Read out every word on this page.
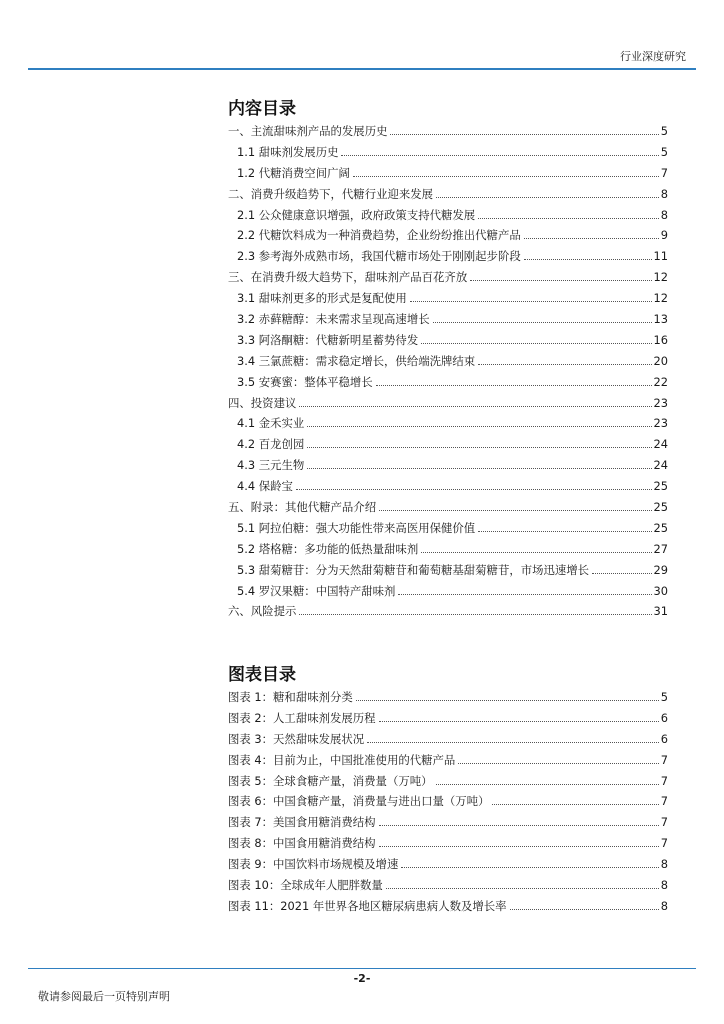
行业深度研究
内容目录
一、主流甜味剂产品的发展历史	5
1.1 甜味剂发展历史	5
1.2 代糖消费空间广阔	7
二、消费升级趋势下，代糖行业迎来发展	8
2.1 公众健康意识增强，政府政策支持代糖发展	8
2.2 代糖饮料成为一种消费趋势，企业纷纷推出代糖产品	9
2.3 参考海外成熟市场，我国代糖市场处于刚刚起步阶段	11
三、在消费升级大趋势下，甜味剂产品百花齐放	12
3.1 甜味剂更多的形式是复配使用	12
3.2 赤藓糖醇：未来需求呈现高速增长	13
3.3 阿洛酮糖：代糖新明星蓄势待发	16
3.4 三氯蔗糖：需求稳定增长，供给端洗牌结束	20
3.5 安赛蜜：整体平稳增长	22
四、投资建议	23
4.1 金禾实业	23
4.2 百龙创园	24
4.3 三元生物	24
4.4 保龄宝	25
五、附录：其他代糖产品介绍	25
5.1 阿拉伯糖：强大功能性带来高医用保健价值	25
5.2 塔格糖：多功能的低热量甜味剂	27
5.3 甜菊糖苷：分为天然甜菊糖苷和葡萄糖基甜菊糖苷，市场迅速增长	29
5.4 罗汉果糖：中国特产甜味剂	30
六、风险提示	31
图表目录
图表 1：糖和甜味剂分类	5
图表 2：人工甜味剂发展历程	6
图表 3：天然甜味发展状况	6
图表 4：目前为止，中国批准使用的代糖产品	7
图表 5：全球食糖产量，消费量（万吨）	7
图表 6：中国食糖产量，消费量与进出口量（万吨）	7
图表 7：美国食用糖消费结构	7
图表 8：中国食用糖消费结构	7
图表 9：中国饮料市场规模及增速	8
图表 10：全球成年人肥胖数量	8
图表 11：2021 年世界各地区糖尿病患病人数及增长率	8
-2-
敬请参阅最后一页特别声明
